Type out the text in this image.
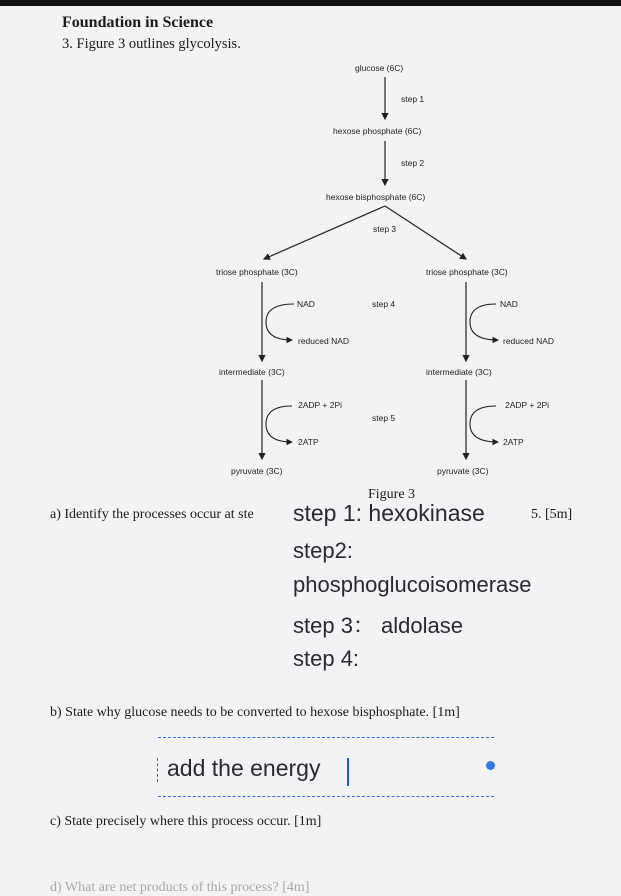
Foundation in Science
3. Figure 3 outlines glycolysis.
glucose (6C)
step 1
hexose phosphate (6C)
step 2
hexose bisphosphate (6C)
step 3
triose phosphate (3C)	triose phosphate (3C)
NAD	step 4	NAD
reduced NAD	reduced NAD
intermediate (3C)	intermediate (3C)
2ADP + 2Pi	2ADP + 2Pi
step 5
2ATP	2ATP
pyruvate (3C)	pyruvate (3C)
Figure 3
a) Identify the processes occur at ste	5. [5m]
step 1: hexokinase
step2:
phosphoglucoisomerase
step 3： aldolase
step 4:
b) State why glucose needs to be converted to hexose bisphosphate. [1m]
add the energy
c) State precisely where this process occur. [1m]
d) What are net products of this process? [4m]
